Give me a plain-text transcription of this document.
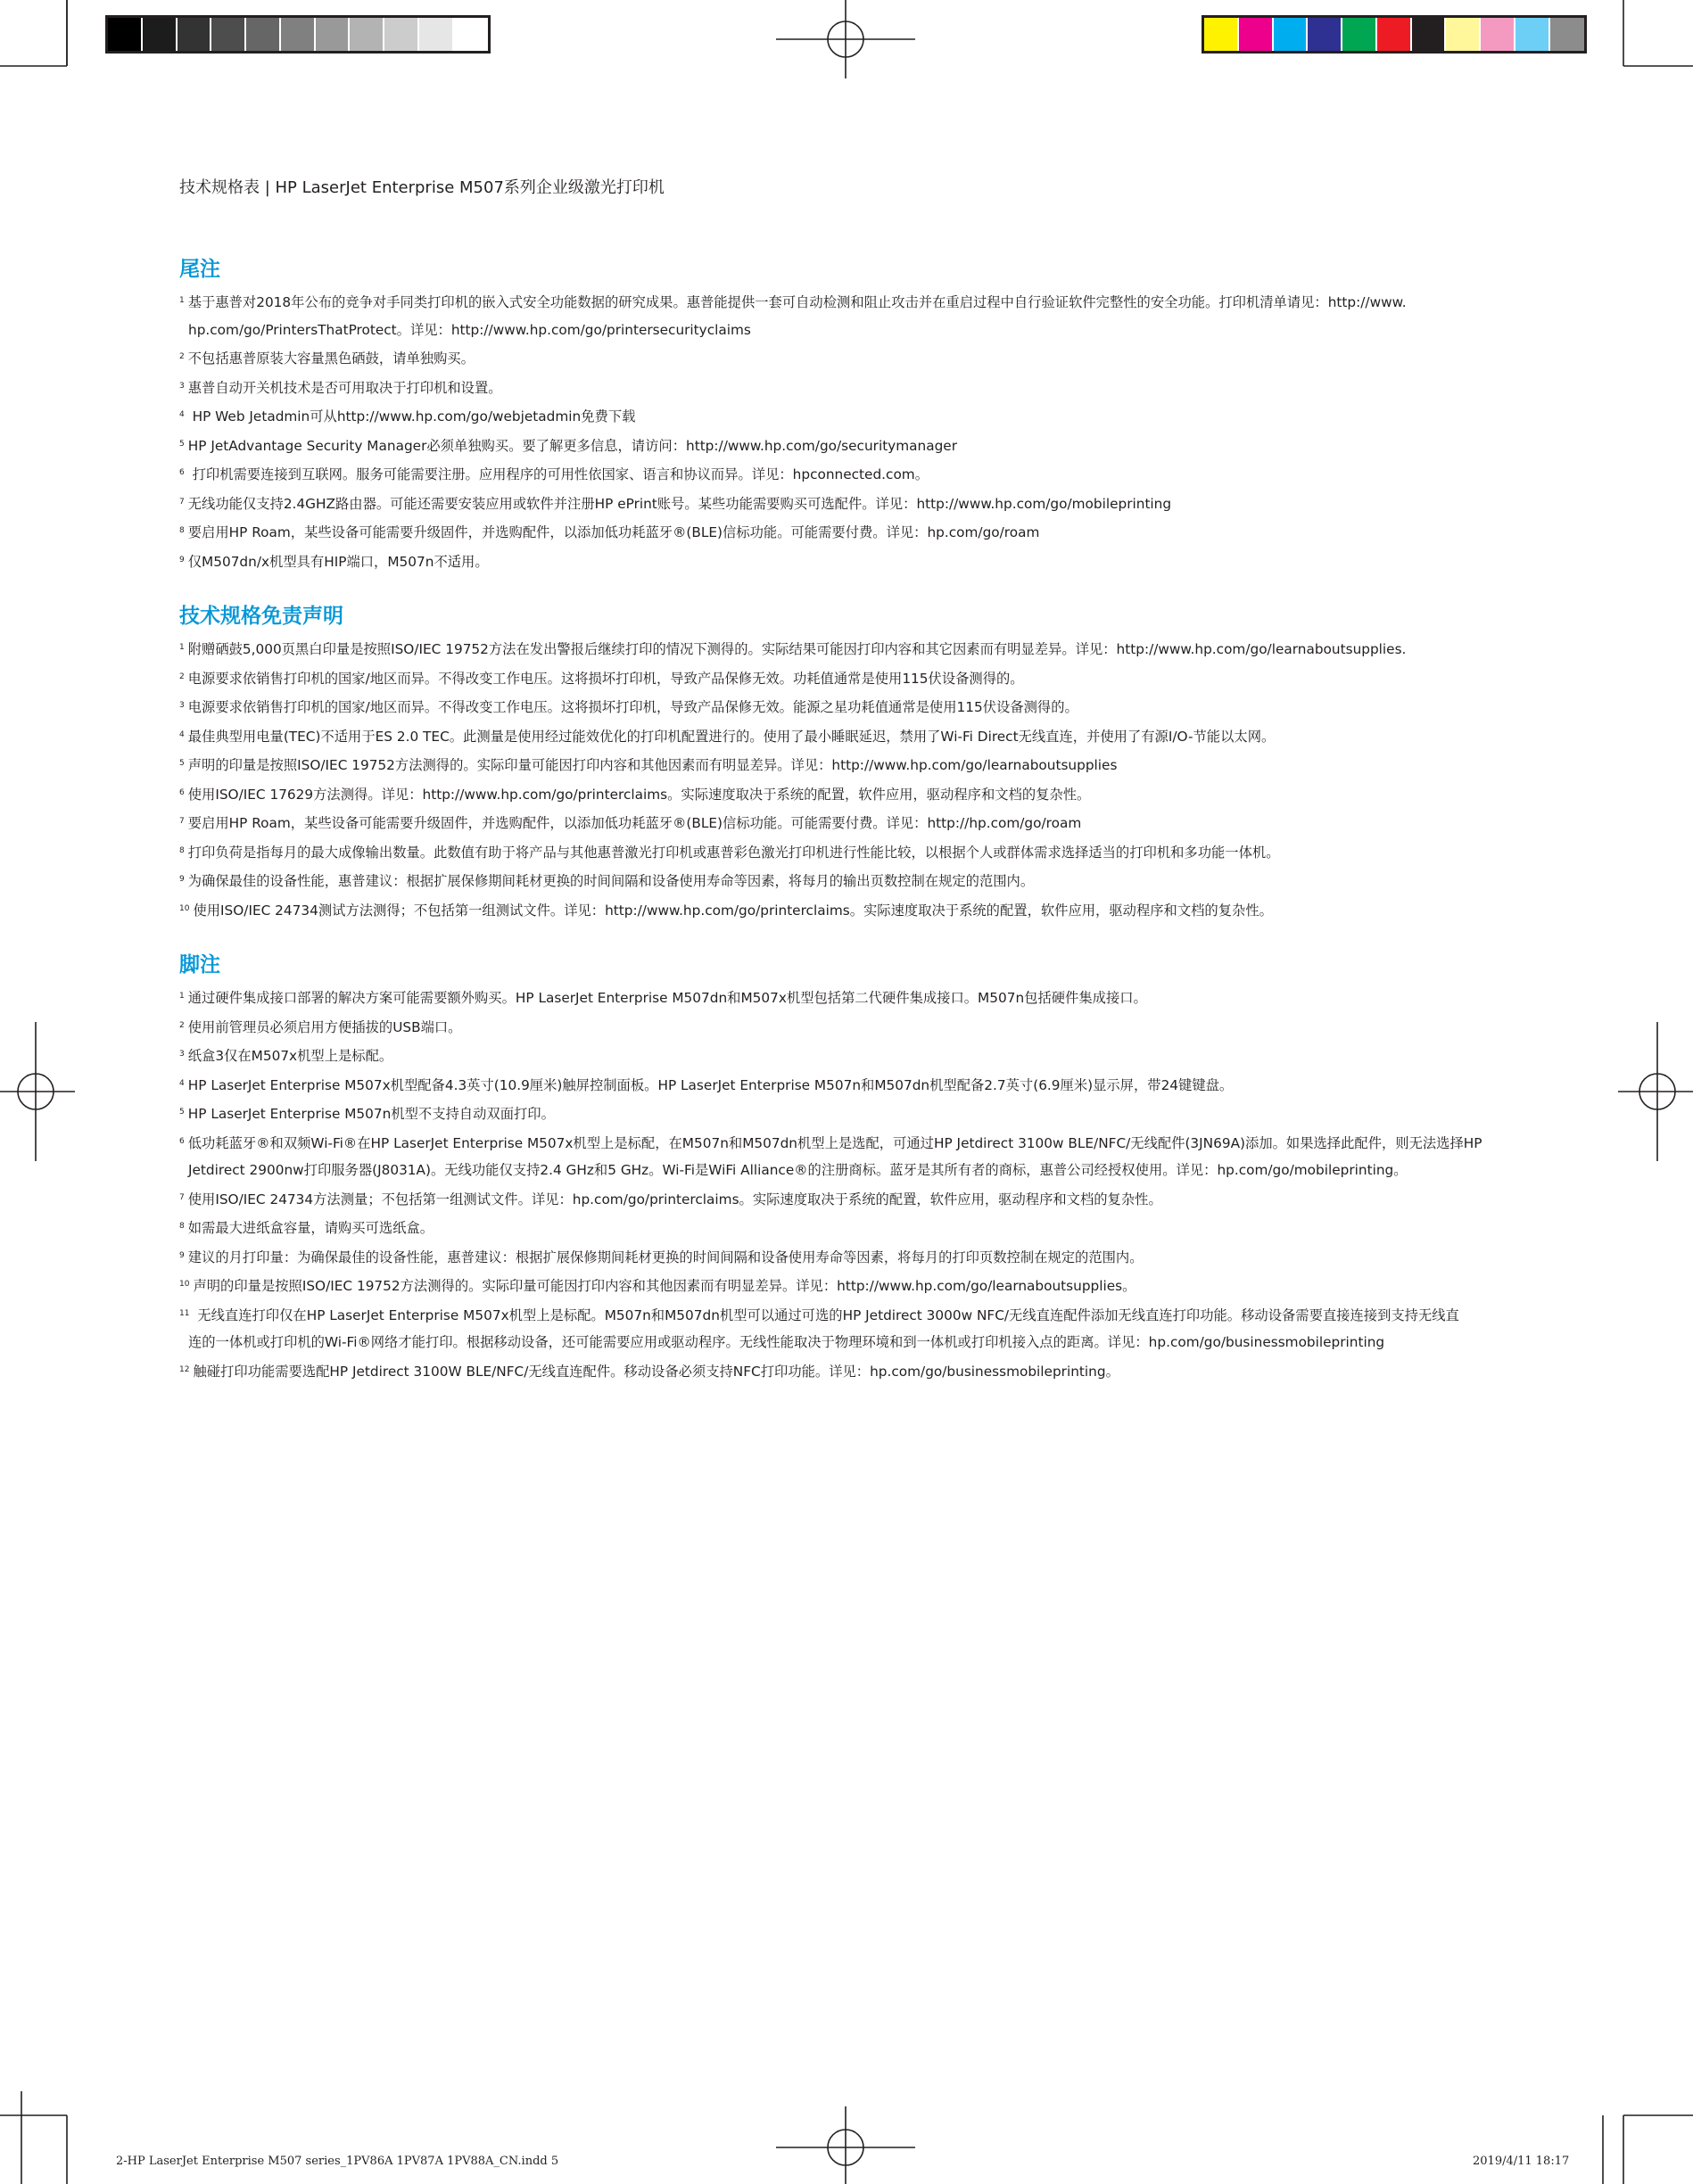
技术规格表 | HP LaserJet Enterprise M507系列企业级激光打印机
尾注
$^1$ 基于惠普对2018年公布的竞争对手同类打印机的嵌入式安全功能数据的研究成果。惠普能提供一套可自动检测和阻止攻击并在重启过程中自行验证软件完整性的安全功能。打印机清单请见：http://www.
hp.com/go/PrintersThatProtect。详见：http://www.hp.com/go/printersecurityclaims
$^2$ 不包括惠普原装大容量黑色硒鼓，请单独购买。
$^3$ 惠普自动开关机技术是否可用取决于打印机和设置。
$^4$ HP Web Jetadmin可从http://www.hp.com/go/webjetadmin免费下载
$^5$ HP JetAdvantage Security Manager必须单独购买。要了解更多信息，请访问：http://www.hp.com/go/securitymanager
$^6$ 打印机需要连接到互联网。服务可能需要注册。应用程序的可用性依国家、语言和协议而异。详见：hpconnected.com。
$^7$ 无线功能仅支持2.4GHZ路由器。可能还需要安装应用或软件并注册HP ePrint账号。某些功能需要购买可选配件。详见：http://www.hp.com/go/mobileprinting
$^8$ 要启用HP Roam，某些设备可能需要升级固件，并选购配件，以添加低功耗蓝牙®(BLE)信标功能。可能需要付费。详见：hp.com/go/roam
$^9$ 仅M507dn/x机型具有HIP端口，M507n不适用。
技术规格免责声明
$^1$ 附赠硒鼓5,000页黑白印量是按照ISO/IEC 19752方法在发出警报后继续打印的情况下测得的。实际结果可能因打印内容和其它因素而有明显差异。详见：http://www.hp.com/go/learnaboutsupplies.
$^2$ 电源要求依销售打印机的国家/地区而异。不得改变工作电压。这将损坏打印机，导致产品保修无效。功耗值通常是使用115伏设备测得的。
$^3$ 电源要求依销售打印机的国家/地区而异。不得改变工作电压。这将损坏打印机，导致产品保修无效。能源之星功耗值通常是使用115伏设备测得的。
$^4$ 最佳典型用电量(TEC)不适用于ES 2.0 TEC。此测量是使用经过能效优化的打印机配置进行的。使用了最小睡眠延迟，禁用了Wi-Fi Direct无线直连，并使用了有源I/O-节能以太网。
$^5$ 声明的印量是按照ISO/IEC 19752方法测得的。实际印量可能因打印内容和其他因素而有明显差异。详见：http://www.hp.com/go/learnaboutsupplies
$^6$ 使用ISO/IEC 17629方法测得。详见：http://www.hp.com/go/printerclaims。实际速度取决于系统的配置，软件应用，驱动程序和文档的复杂性。
$^7$ 要启用HP Roam，某些设备可能需要升级固件，并选购配件，以添加低功耗蓝牙®(BLE)信标功能。可能需要付费。详见：http://hp.com/go/roam
$^8$ 打印负荷是指每月的最大成像输出数量。此数值有助于将产品与其他惠普激光打印机或惠普彩色激光打印机进行性能比较，以根据个人或群体需求选择适当的打印机和多功能一体机。
$^9$ 为确保最佳的设备性能，惠普建议：根据扩展保修期间耗材更换的时间间隔和设备使用寿命等因素，将每月的输出页数控制在规定的范围内。
$^{10}$ 使用ISO/IEC 24734测试方法测得；不包括第一组测试文件。详见：http://www.hp.com/go/printerclaims。实际速度取决于系统的配置，软件应用，驱动程序和文档的复杂性。
脚注
$^1$ 通过硬件集成接口部署的解决方案可能需要额外购买。HP LaserJet Enterprise M507dn和M507x机型包括第二代硬件集成接口。M507n包括硬件集成接口。
$^2$ 使用前管理员必须启用方便插拔的USB端口。
$^3$ 纸盒3仅在M507x机型上是标配。
$^4$ HP LaserJet Enterprise M507x机型配备4.3英寸(10.9厘米)触屏控制面板。HP LaserJet Enterprise M507n和M507dn机型配备2.7英寸(6.9厘米)显示屏，带24键键盘。
$^5$ HP LaserJet Enterprise M507n机型不支持自动双面打印。
$^6$ 低功耗蓝牙®和双频Wi-Fi®在HP LaserJet Enterprise M507x机型上是标配，在M507n和M507dn机型上是选配，可通过HP Jetdirect 3100w BLE/NFC/无线配件(3JN69A)添加。如果选择此配件，则无法选择HP
Jetdirect 2900nw打印服务器(J8031A)。无线功能仅支持2.4 GHz和5 GHz。Wi-Fi是WiFi Alliance®的注册商标。蓝牙是其所有者的商标，惠普公司经授权使用。详见：hp.com/go/mobileprinting。
$^7$ 使用ISO/IEC 24734方法测量；不包括第一组测试文件。详见：hp.com/go/printerclaims。实际速度取决于系统的配置，软件应用，驱动程序和文档的复杂性。
$^8$ 如需最大进纸盒容量，请购买可选纸盒。
$^9$ 建议的月打印量：为确保最佳的设备性能，惠普建议：根据扩展保修期间耗材更换的时间间隔和设备使用寿命等因素，将每月的打印页数控制在规定的范围内。
$^{10}$ 声明的印量是按照ISO/IEC 19752方法测得的。实际印量可能因打印内容和其他因素而有明显差异。详见：http://www.hp.com/go/learnaboutsupplies。
$^{11}$ 无线直连打印仅在HP LaserJet Enterprise M507x机型上是标配。M507n和M507dn机型可以通过可选的HP Jetdirect 3000w NFC/无线直连配件添加无线直连打印功能。移动设备需要直接连接到支持无线直
连的一体机或打印机的Wi-Fi®网络才能打印。根据移动设备，还可能需要应用或驱动程序。无线性能取决于物理环境和到一体机或打印机接入点的距离。详见：hp.com/go/businessmobileprinting
$^{12}$ 触碰打印功能需要选配HP Jetdirect 3100W BLE/NFC/无线直连配件。移动设备必须支持NFC打印功能。详见：hp.com/go/businessmobileprinting。
2-HP LaserJet Enterprise M507 series_1PV86A 1PV87A 1PV88A_CN.indd 5	2019/4/11 18:17
